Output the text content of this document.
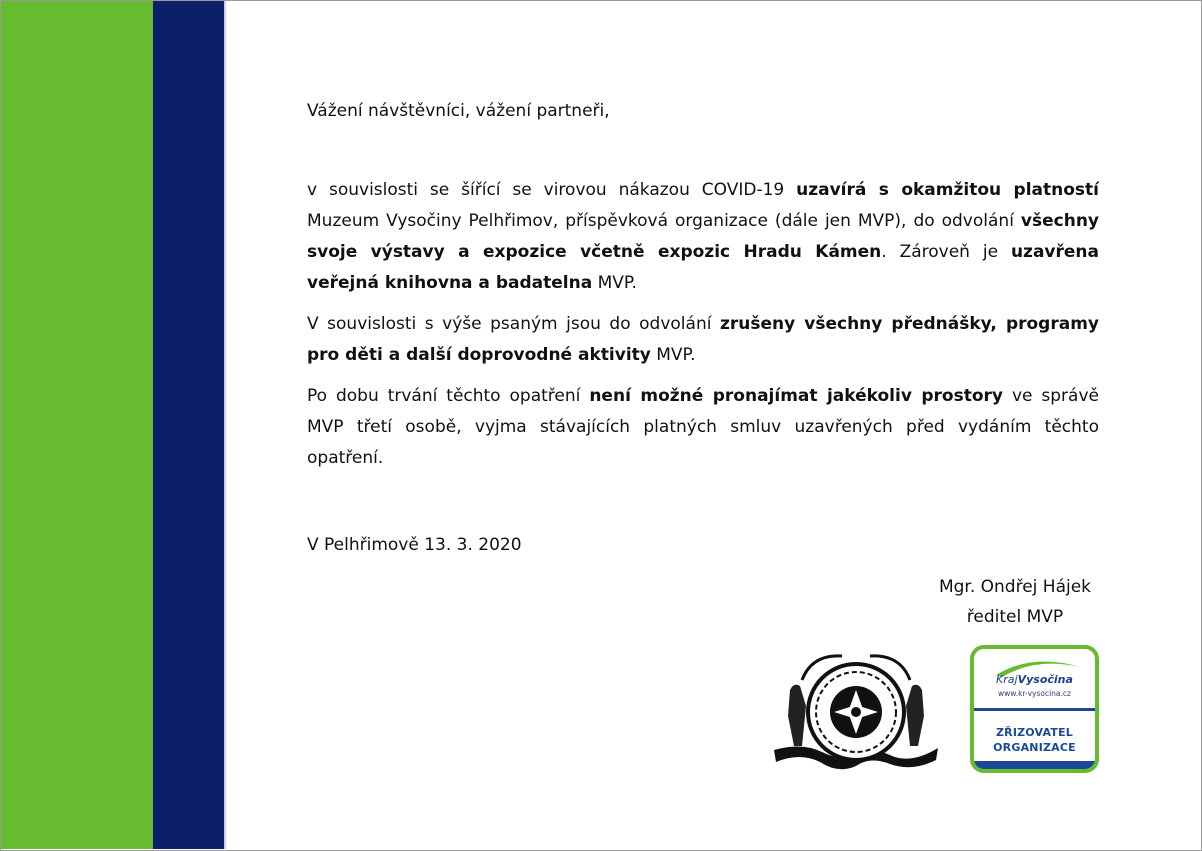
Vážení návštěvníci, vážení partneři,

v souvislosti se šířící se virovou nákazou COVID-19 uzavírá s okamžitou platností Muzeum Vysočiny Pelhřimov, příspěvková organizace (dále jen MVP), do odvolání všechny svoje výstavy a expozice včetně expozic Hradu Kámen. Zároveň je uzavřena veřejná knihovna a badatelna MVP.

V souvislosti s výše psaným jsou do odvolání zrušeny všechny přednášky, programy pro děti a další doprovodné aktivity MVP.

Po dobu trvání těchto opatření není možné pronajímat jakékoliv prostory ve správě MVP třetí osobě, vyjma stávajících platných smluv uzavřených před vydáním těchto opatření.

V Pelhřimově 13. 3. 2020
Mgr. Ondřej Hájek
ředitel MVP
KrajVysočina
www.kr-vysocina.cz
ZŘIZOVATEL
ORGANIZACE
